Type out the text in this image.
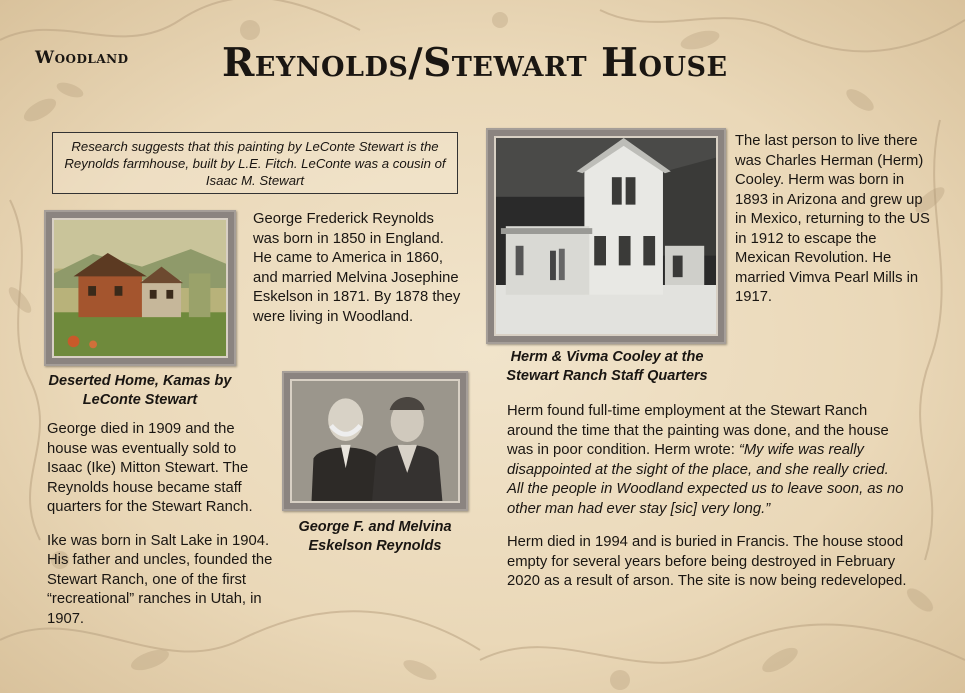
Woodland Reynolds/Stewart House
Research suggests that this painting by LeConte Stewart is the Reynolds farmhouse, built by L.E. Fitch. LeConte was a cousin of Isaac M. Stewart
Deserted Home, Kamas by LeConte Stewart

George Frederick Reynolds was born in 1850 in England. He came to America in 1860, and married Melvina Josephine Eskelson in 1871. By 1878 they were living in Woodland.

George died in 1909 and the house was eventually sold to Isaac (Ike) Mitton Stewart. The Reynolds house became staff quarters for the Stewart Ranch.

Ike was born in Salt Lake in 1904. His father and uncles, founded the Stewart Ranch, one of the first “recreational” ranches in Utah, in 1907.

George F. and Melvina Eskelson Reynolds
Herm & Vivma Cooley at the Stewart Ranch Staff Quarters

The last person to live there was Charles Herman (Herm) Cooley. Herm was born in 1893 in Arizona and grew up in Mexico, returning to the US in 1912 to escape the Mexican Revolution. He married Vimva Pearl Mills in 1917.

Herm found full-time employment at the Stewart Ranch around the time that the painting was done, and the house was in poor condition. Herm wrote: “My wife was really disappointed at the sight of the place, and she really cried. All the people in Woodland expected us to leave soon, as no other man had ever stay [sic] very long.”

Herm died in 1994 and is buried in Francis. The house stood empty for several years before being destroyed in February 2020 as a result of arson. The site is now being redeveloped.
